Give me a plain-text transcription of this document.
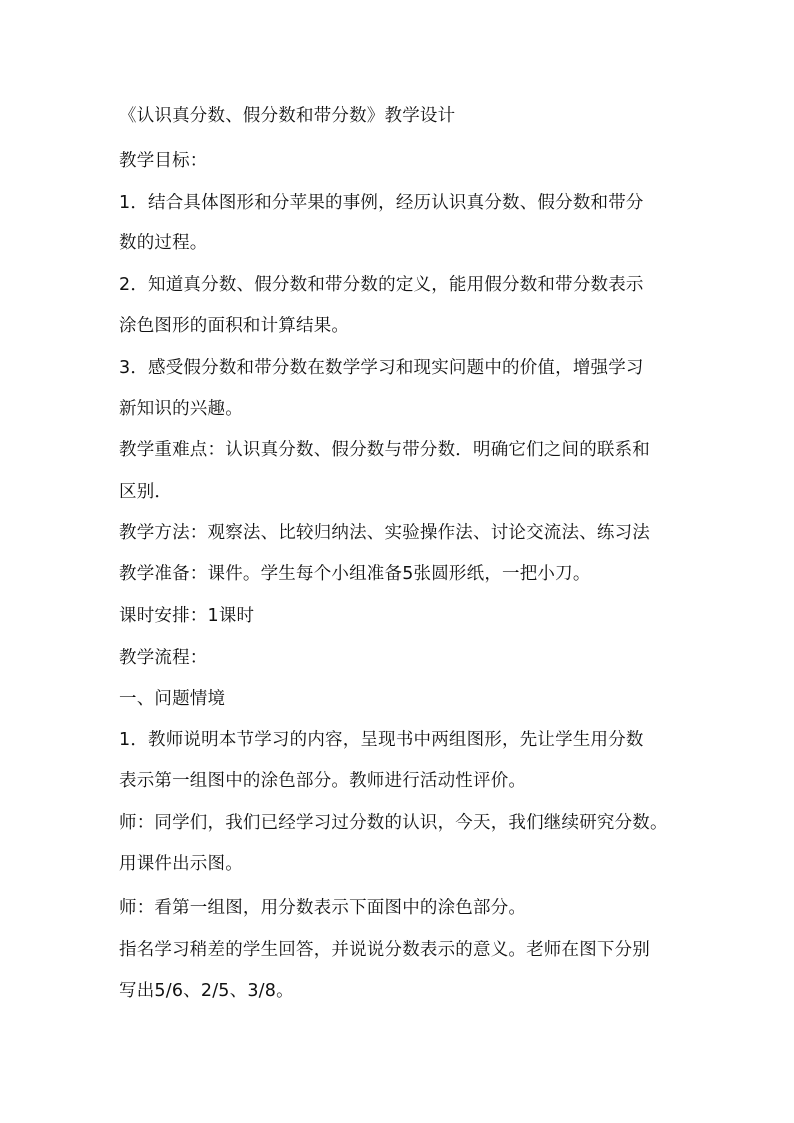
《认识真分数、假分数和带分数》教学设计
教学目标：
1．结合具体图形和分苹果的事例，经历认识真分数、假分数和带分
数的过程。
2．知道真分数、假分数和带分数的定义，能用假分数和带分数表示
涂色图形的面积和计算结果。
3．感受假分数和带分数在数学学习和现实问题中的价值，增强学习
新知识的兴趣。
教学重难点：认识真分数、假分数与带分数．明确它们之间的联系和
区别．
教学方法：观察法、比较归纳法、实验操作法、讨论交流法、练习法
教学准备：课件。学生每个小组准备5张圆形纸，一把小刀。
课时安排：1课时
教学流程：
一、问题情境
1．教师说明本节学习的内容，呈现书中两组图形，先让学生用分数
表示第一组图中的涂色部分。教师进行活动性评价。
师：同学们，我们已经学习过分数的认识，今天，我们继续研究分数。
用课件出示图。
师：看第一组图，用分数表示下面图中的涂色部分。
指名学习稍差的学生回答，并说说分数表示的意义。老师在图下分别
写出5/6、2/5、3/8。
